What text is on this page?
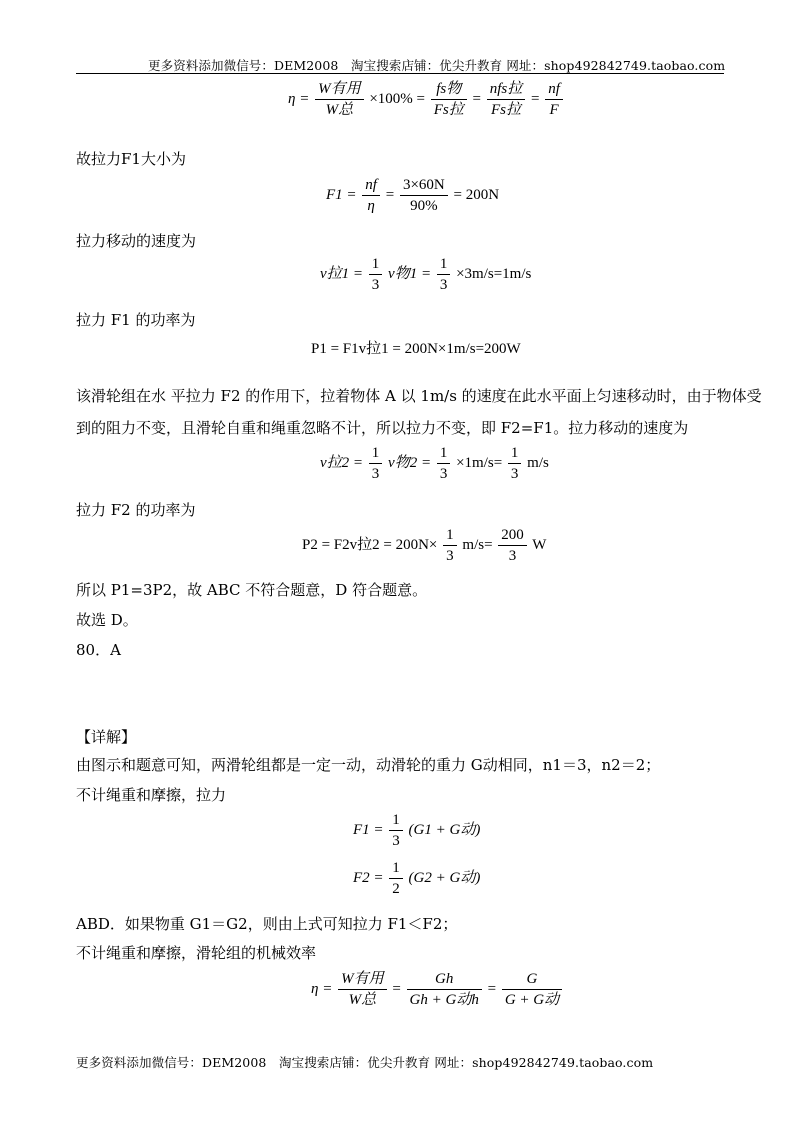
更多资料添加微信号：DEM2008　淘宝搜索店铺：优尖升教育 网址：shop492842749.taobao.com
$\eta = \frac{\text{W有用}}{\text{W总}} \times 100\% = \frac{\text{fs物}}{\text{Fs拉}} = \frac{\text{nfs拉}}{\text{Fs拉}} = \frac{nf}{F}$
故拉力F1大小为
$F1 = \frac{nf}{\eta} = \frac{3\times 60N}{90\%} = 200N$
拉力移动的速度为
v拉$1 = \frac{1}{3}$ v物$1 = \frac{1}{3} \times 3m/s=1m/s$
拉力 F1 的功率为
P1 = F1v拉1 = 200N×1m/s=200W
该滑轮组在水 平拉力 F2 的作用下，拉着物体 A 以 1m/s 的速度在此水平面上匀速移动时，由于物体受
到的阻力不变，且滑轮自重和绳重忽略不计，所以拉力不变，即 F2=F1。拉力移动的速度为
v拉$2 = \frac{1}{3}$ v物$2 = \frac{1}{3} \times 1m/s= \frac{1}{3} m/s$
拉力 F2 的功率为
P2 = F2v拉$2 = 200N\times \frac{1}{3} m/s= \frac{200}{3}$ W
所以 P1=3P2，故 ABC 不符合题意，D 符合题意。
故选 D。
80．A
【详解】
由图示和题意可知，两滑轮组都是一定一动，动滑轮的重力 G动相同，n1＝3，n2＝2；
不计绳重和摩擦，拉力
$F1 = \frac{1}{3} (G1 + G$动)
$F2 = \frac{1}{2} (G2 + G$动)
ABD．如果物重 G1＝G2，则由上式可知拉力 F1＜F2；
不计绳重和摩擦，滑轮组的机械效率
$\eta = \frac{\text{W有用}}{\text{W总}} = \frac{Gh}{\text{Gh + G动h}} = \frac{G}{\text{G + G动}}$
更多资料添加微信号：DEM2008　淘宝搜索店铺：优尖升教育 网址：shop492842749.taobao.com
